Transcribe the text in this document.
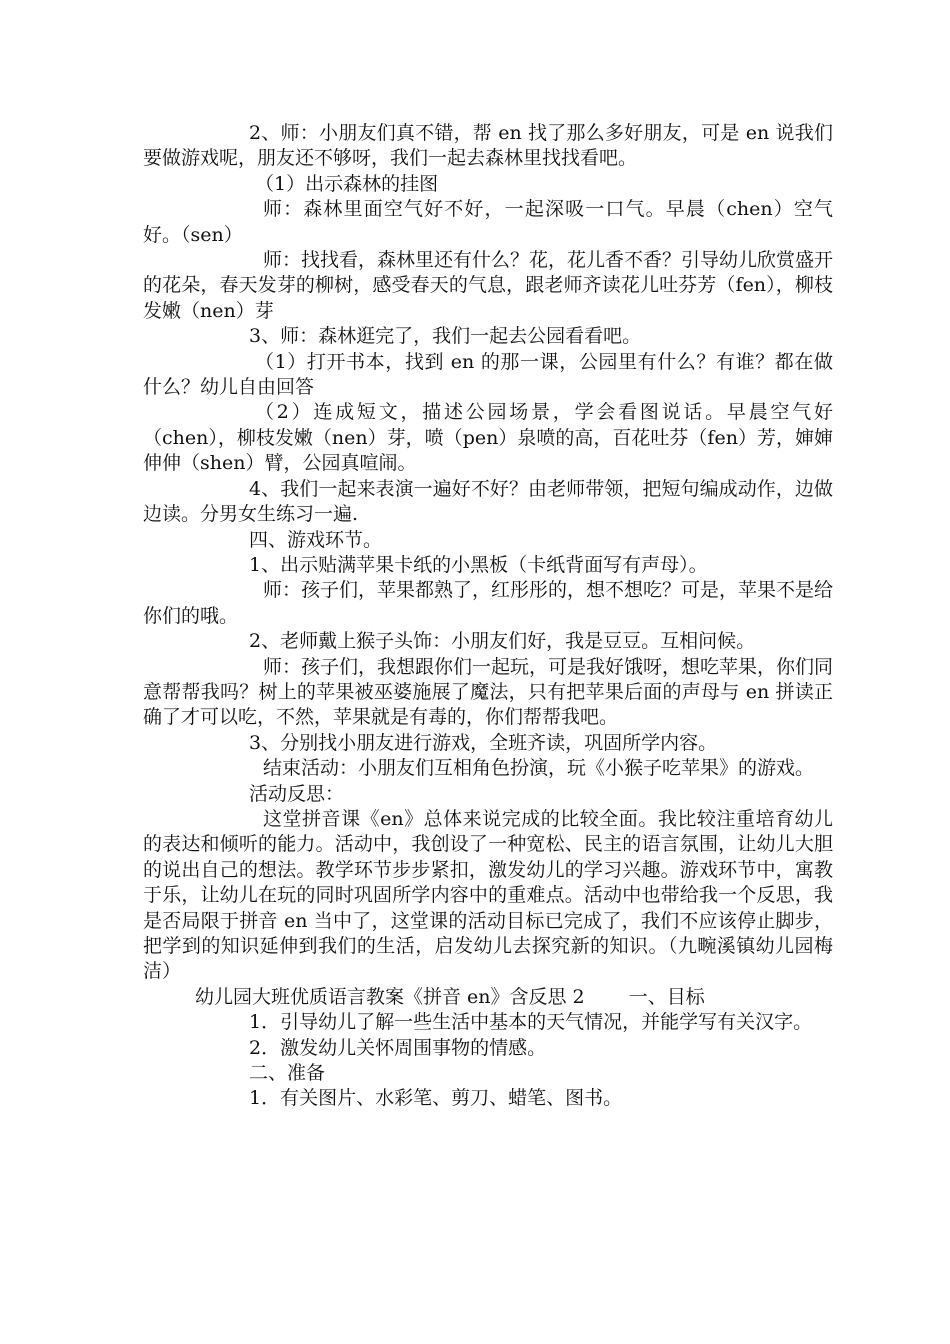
2、师：小朋友们真不错，帮 en 找了那么多好朋友，可是 en 说我们要做游戏呢，朋友还不够呀，我们一起去森林里找找看吧。

（1）出示森林的挂图

师：森林里面空气好不好，一起深吸一口气。早晨（chen）空气好。（sen）

师：找找看，森林里还有什么？花，花儿香不香？引导幼儿欣赏盛开的花朵，春天发芽的柳树，感受春天的气息，跟老师齐读花儿吐芬芳（fen），柳枝发嫩（nen）芽

3、师：森林逛完了，我们一起去公园看看吧。

（1）打开书本，找到 en 的那一课，公园里有什么？有谁？都在做什么？幼儿自由回答

（2）连成短文，描述公园场景，学会看图说话。早晨空气好（chen），柳枝发嫩（nen）芽，喷（pen）泉喷的高，百花吐芬（fen）芳，婶婶伸伸（shen）臂，公园真喧闹。

4、我们一起来表演一遍好不好？由老师带领，把短句编成动作，边做边读。分男女生练习一遍.

四、游戏环节。

1、出示贴满苹果卡纸的小黑板（卡纸背面写有声母）。

师：孩子们，苹果都熟了，红彤彤的，想不想吃？可是，苹果不是给你们的哦。

2、老师戴上猴子头饰：小朋友们好，我是豆豆。互相问候。

师：孩子们，我想跟你们一起玩，可是我好饿呀，想吃苹果，你们同意帮帮我吗？树上的苹果被巫婆施展了魔法，只有把苹果后面的声母与 en 拼读正确了才可以吃，不然，苹果就是有毒的，你们帮帮我吧。

3、分别找小朋友进行游戏，全班齐读，巩固所学内容。

结束活动：小朋友们互相角色扮演，玩《小猴子吃苹果》的游戏。

活动反思：

这堂拼音课《en》总体来说完成的比较全面。我比较注重培育幼儿的表达和倾听的能力。活动中，我创设了一种宽松、民主的语言氛围，让幼儿大胆的说出自己的想法。教学环节步步紧扣，激发幼儿的学习兴趣。游戏环节中，寓教于乐，让幼儿在玩的同时巩固所学内容中的重难点。活动中也带给我一个反思，我是否局限于拼音 en 当中了，这堂课的活动目标已完成了，我们不应该停止脚步，把学到的知识延伸到我们的生活，启发幼儿去探究新的知识。（九畹溪镇幼儿园梅洁）

幼儿园大班优质语言教案《拼音 en》含反思 2　　 一、目标

1．引导幼儿了解一些生活中基本的天气情况，并能学写有关汉字。

2．激发幼儿关怀周围事物的情感。

二、准备

1．有关图片、水彩笔、剪刀、蜡笔、图书。
